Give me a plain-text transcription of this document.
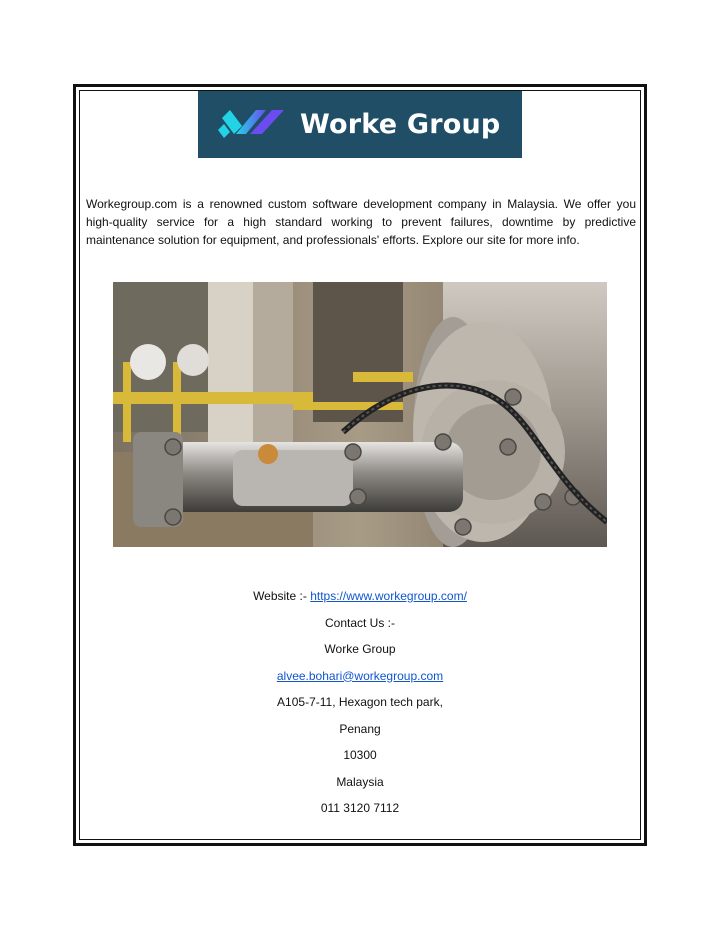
Worke Group
Workegroup.com is a renowned custom software development company in Malaysia. We offer you high-quality service for a high standard working to prevent failures, downtime by predictive maintenance solution for equipment, and professionals' efforts. Explore our site for more info.
Website :- https://www.workegroup.com/
Contact Us :-
Worke Group
alvee.bohari@workegroup.com
A105-7-11, Hexagon tech park,
Penang
10300
Malaysia
011 3120 7112
